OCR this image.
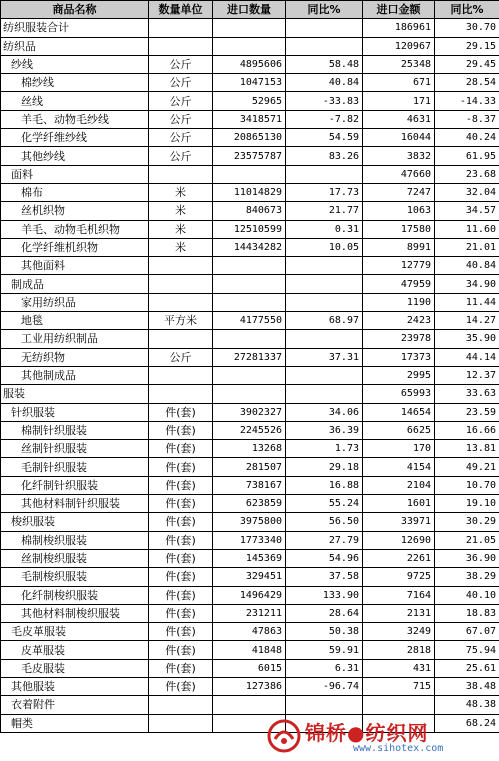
商品名称	数量单位	进口数量	同比%	进口金额	同比%
纺织服装合计				186961	30.70
纺织品				120967	29.15
纱线	公斤	4895606	58.48	25348	29.45
棉纱线	公斤	1047153	40.84	671	28.54
丝线	公斤	52965	-33.83	171	-14.33
羊毛、动物毛纱线	公斤	3418571	-7.82	4631	-8.37
化学纤维纱线	公斤	20865130	54.59	16044	40.24
其他纱线	公斤	23575787	83.26	3832	61.95
面料				47660	23.68
棉布	米	11014829	17.73	7247	32.04
丝机织物	米	840673	21.77	1063	34.57
羊毛、动物毛机织物	米	12510599	0.31	17580	11.60
化学纤维机织物	米	14434282	10.05	8991	21.01
其他面料				12779	40.84
制成品				47959	34.90
家用纺织品				1190	11.44
地毯	平方米	4177550	68.97	2423	14.27
工业用纺织制品				23978	35.90
无纺织物	公斤	27281337	37.31	17373	44.14
其他制成品				2995	12.37
服装				65993	33.63
针织服装	件(套)	3902327	34.06	14654	23.59
棉制针织服装	件(套)	2245526	36.39	6625	16.66
丝制针织服装	件(套)	13268	1.73	170	13.81
毛制针织服装	件(套)	281507	29.18	4154	49.21
化纤制针织服装	件(套)	738167	16.88	2104	10.70
其他材料制针织服装	件(套)	623859	55.24	1601	19.10
梭织服装	件(套)	3975800	56.50	33971	30.29
棉制梭织服装	件(套)	1773340	27.79	12690	21.05
丝制梭织服装	件(套)	145369	54.96	2261	36.90
毛制梭织服装	件(套)	329451	37.58	9725	38.29
化纤制梭织服装	件(套)	1496429	133.90	7164	40.10
其他材料制梭织服装	件(套)	231211	28.64	2131	18.83
毛皮革服装	件(套)	47863	50.38	3249	67.07
皮革服装	件(套)	41848	59.91	2818	75.94
毛皮服装	件(套)	6015	6.31	431	25.61
其他服装	件(套)	127386	-96.74	715	38.48
衣着附件					48.38
帽类					68.24
锦桥●纺织网
www.sihotex.com
